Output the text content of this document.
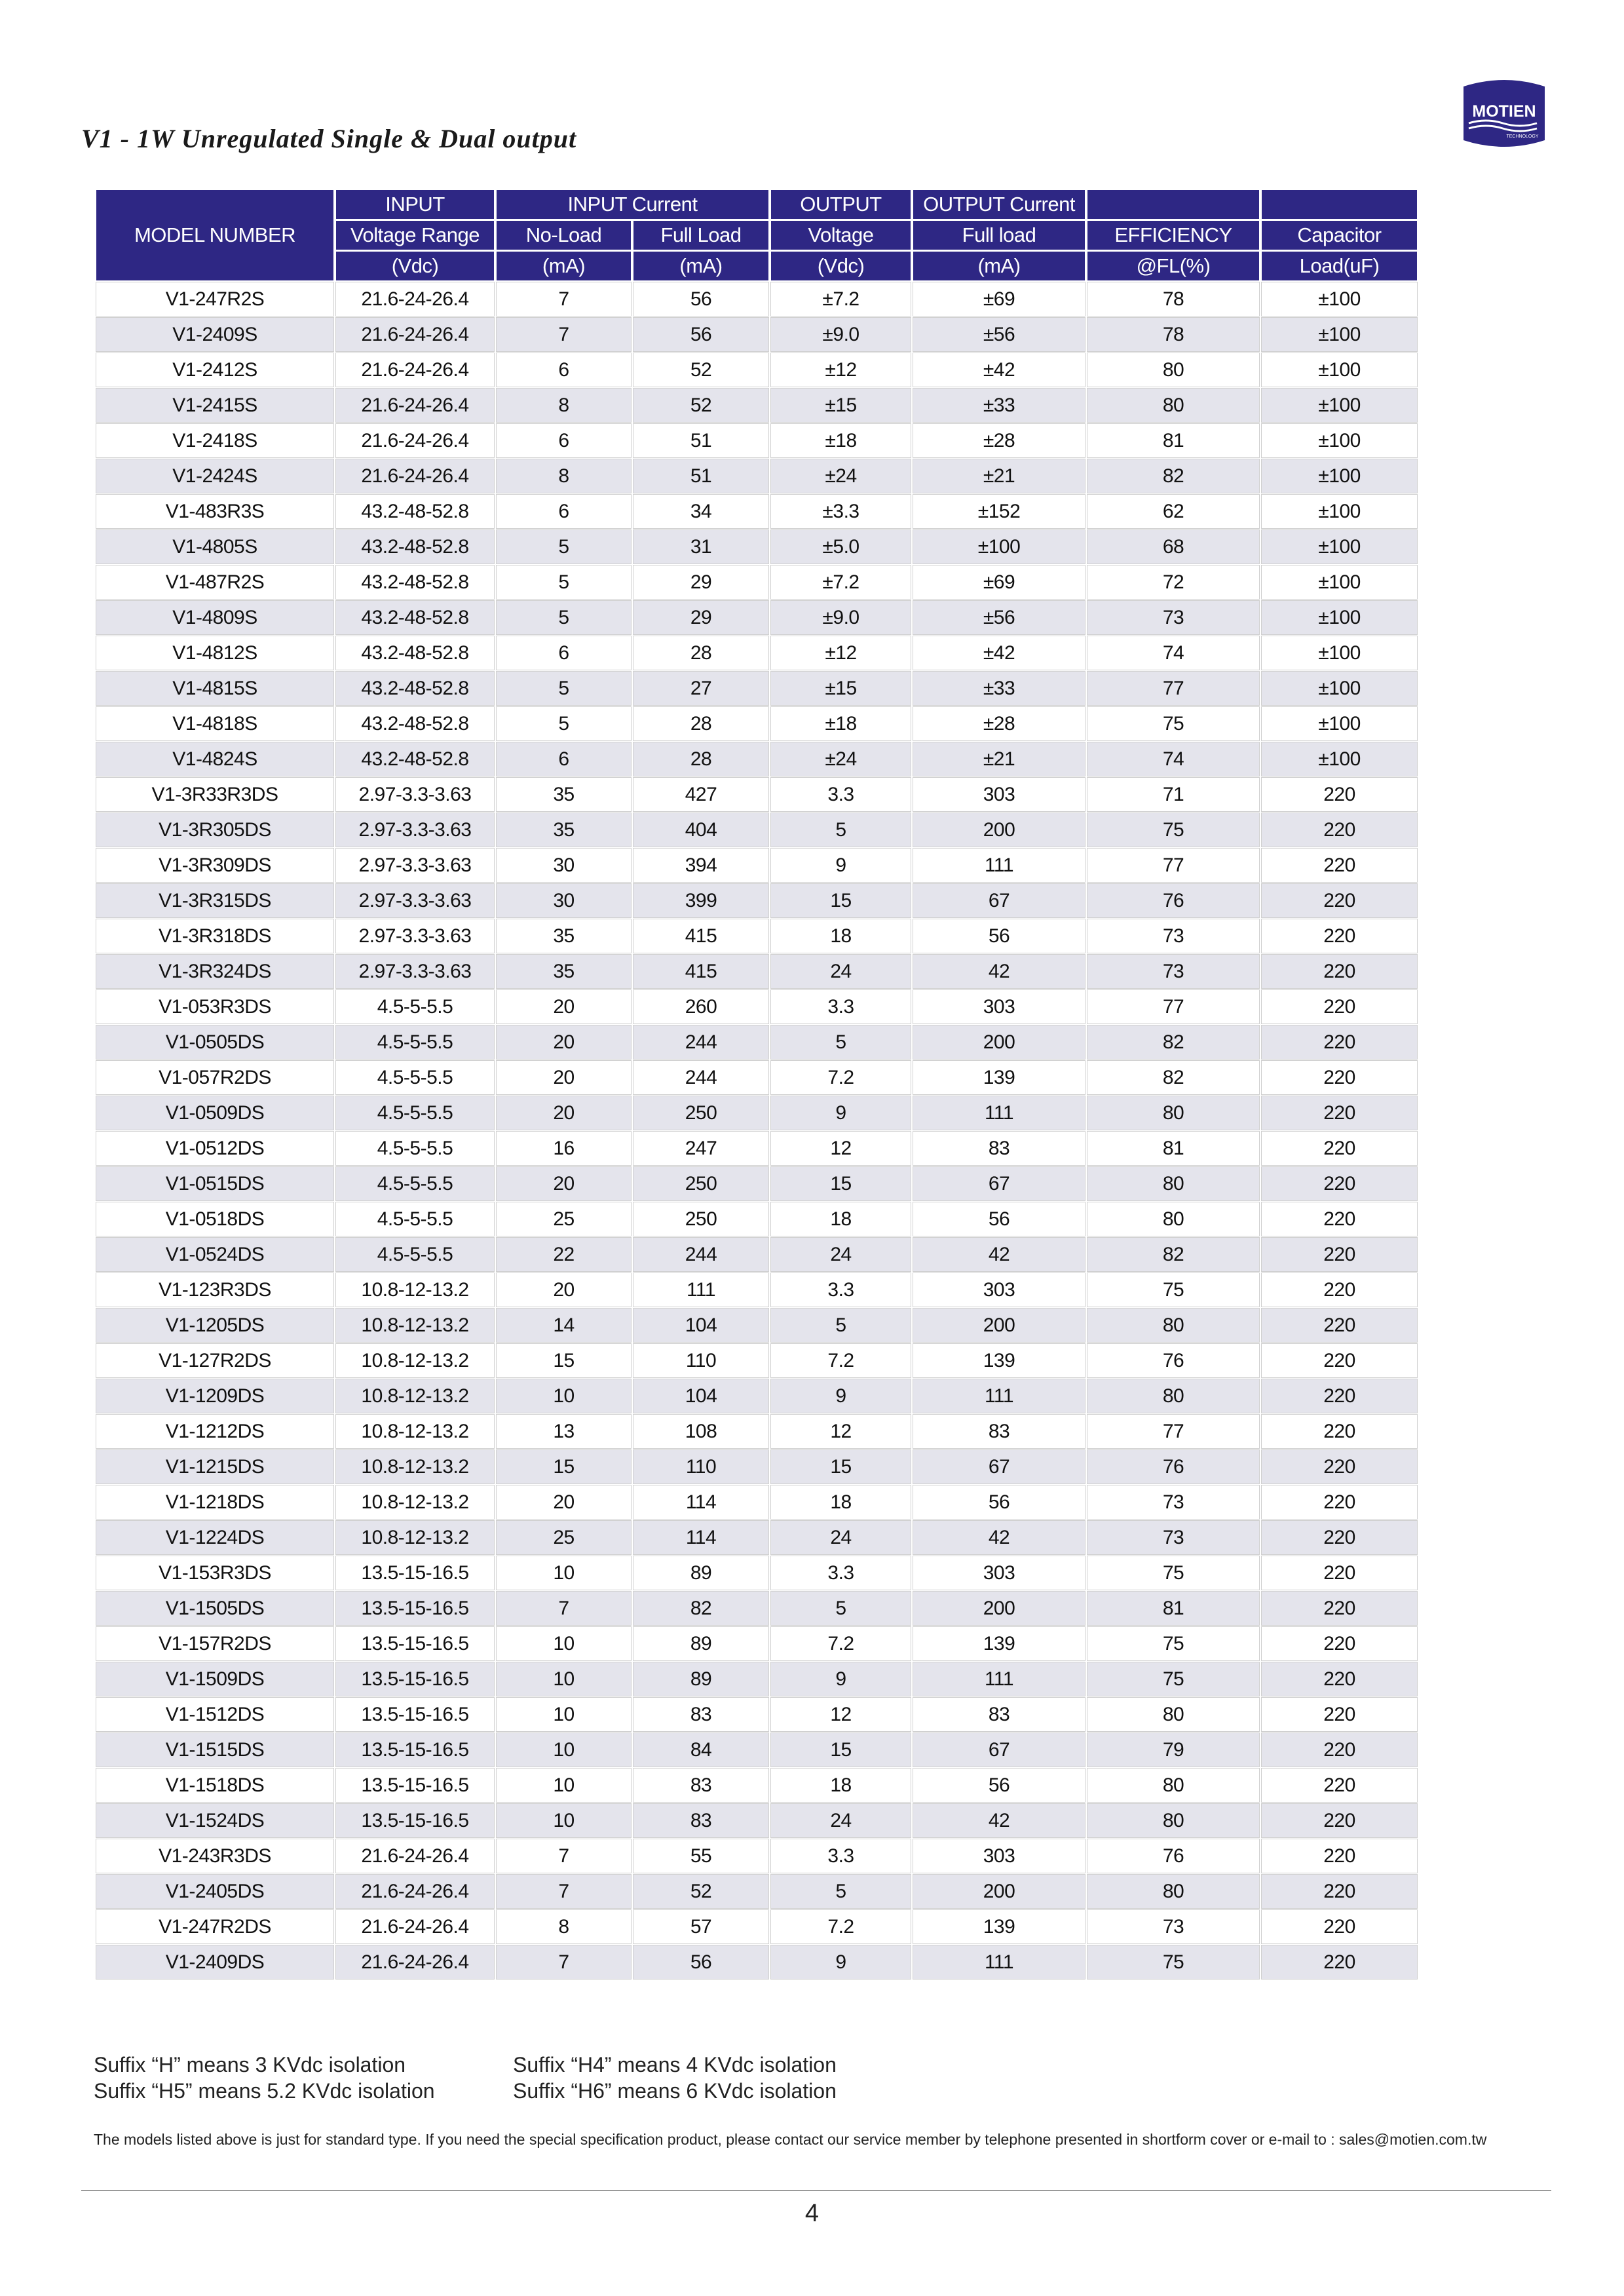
V1 - 1W Unregulated Single & Dual output
MOTIEN
TECHNOLOGY
MODEL NUMBER	INPUT	INPUT Current		OUTPUT	OUTPUT Current		
	Voltage Range	No-Load	Full Load	Voltage	Full load	EFFICIENCY	Capacitor
	(Vdc)	(mA)	(mA)	(Vdc)	(mA)	@FL(%)	Load(uF)
V1-247R2S	21.6-24-26.4	7	56	±7.2	±69	78	±100
V1-2409S	21.6-24-26.4	7	56	±9.0	±56	78	±100
V1-2412S	21.6-24-26.4	6	52	±12	±42	80	±100
V1-2415S	21.6-24-26.4	8	52	±15	±33	80	±100
V1-2418S	21.6-24-26.4	6	51	±18	±28	81	±100
V1-2424S	21.6-24-26.4	8	51	±24	±21	82	±100
V1-483R3S	43.2-48-52.8	6	34	±3.3	±152	62	±100
V1-4805S	43.2-48-52.8	5	31	±5.0	±100	68	±100
V1-487R2S	43.2-48-52.8	5	29	±7.2	±69	72	±100
V1-4809S	43.2-48-52.8	5	29	±9.0	±56	73	±100
V1-4812S	43.2-48-52.8	6	28	±12	±42	74	±100
V1-4815S	43.2-48-52.8	5	27	±15	±33	77	±100
V1-4818S	43.2-48-52.8	5	28	±18	±28	75	±100
V1-4824S	43.2-48-52.8	6	28	±24	±21	74	±100
V1-3R33R3DS	2.97-3.3-3.63	35	427	3.3	303	71	220
V1-3R305DS	2.97-3.3-3.63	35	404	5	200	75	220
V1-3R309DS	2.97-3.3-3.63	30	394	9	111	77	220
V1-3R315DS	2.97-3.3-3.63	30	399	15	67	76	220
V1-3R318DS	2.97-3.3-3.63	35	415	18	56	73	220
V1-3R324DS	2.97-3.3-3.63	35	415	24	42	73	220
V1-053R3DS	4.5-5-5.5	20	260	3.3	303	77	220
V1-0505DS	4.5-5-5.5	20	244	5	200	82	220
V1-057R2DS	4.5-5-5.5	20	244	7.2	139	82	220
V1-0509DS	4.5-5-5.5	20	250	9	111	80	220
V1-0512DS	4.5-5-5.5	16	247	12	83	81	220
V1-0515DS	4.5-5-5.5	20	250	15	67	80	220
V1-0518DS	4.5-5-5.5	25	250	18	56	80	220
V1-0524DS	4.5-5-5.5	22	244	24	42	82	220
V1-123R3DS	10.8-12-13.2	20	111	3.3	303	75	220
V1-1205DS	10.8-12-13.2	14	104	5	200	80	220
V1-127R2DS	10.8-12-13.2	15	110	7.2	139	76	220
V1-1209DS	10.8-12-13.2	10	104	9	111	80	220
V1-1212DS	10.8-12-13.2	13	108	12	83	77	220
V1-1215DS	10.8-12-13.2	15	110	15	67	76	220
V1-1218DS	10.8-12-13.2	20	114	18	56	73	220
V1-1224DS	10.8-12-13.2	25	114	24	42	73	220
V1-153R3DS	13.5-15-16.5	10	89	3.3	303	75	220
V1-1505DS	13.5-15-16.5	7	82	5	200	81	220
V1-157R2DS	13.5-15-16.5	10	89	7.2	139	75	220
V1-1509DS	13.5-15-16.5	10	89	9	111	75	220
V1-1512DS	13.5-15-16.5	10	83	12	83	80	220
V1-1515DS	13.5-15-16.5	10	84	15	67	79	220
V1-1518DS	13.5-15-16.5	10	83	18	56	80	220
V1-1524DS	13.5-15-16.5	10	83	24	42	80	220
V1-243R3DS	21.6-24-26.4	7	55	3.3	303	76	220
V1-2405DS	21.6-24-26.4	7	52	5	200	80	220
V1-247R2DS	21.6-24-26.4	8	57	7.2	139	73	220
V1-2409DS	21.6-24-26.4	7	56	9	111	75	220
Suffix “H” means 3 KVdc isolation
Suffix “H5” means 5.2 KVdc isolation
Suffix “H4” means 4 KVdc isolation
Suffix “H6” means 6 KVdc isolation
The models listed above is just for standard type. If you need the special specification product, please contact our service member by telephone presented in shortform cover or e-mail to : sales@motien.com.tw
4
